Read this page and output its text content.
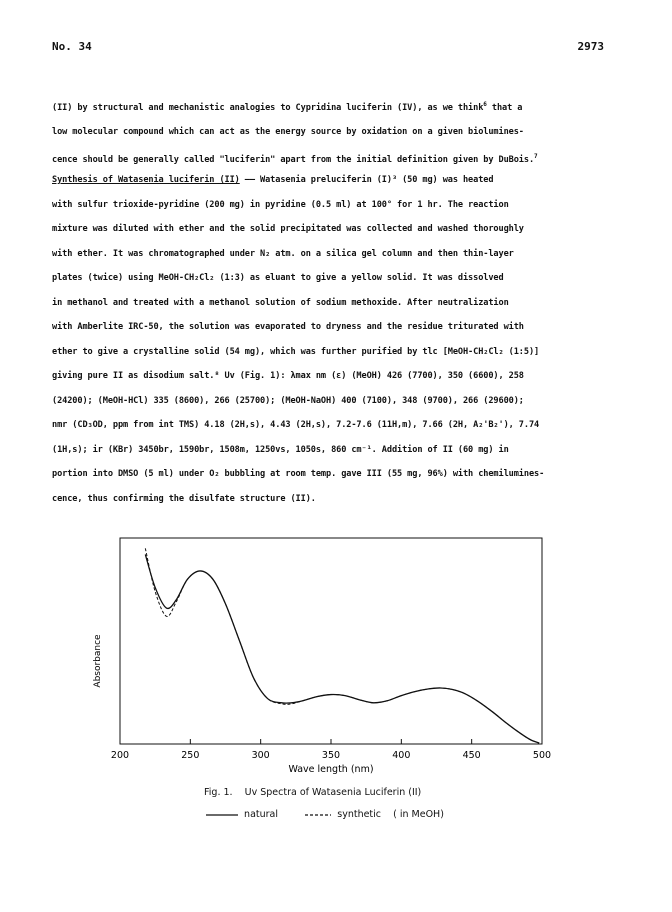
No. 34	2973

(II) by structural and mechanistic analogies to Cypridina luciferin (IV), as we think$^6$ that a

low molecular compound which can act as the energy source by oxidation on a given biolumines-

cence should be generally called "luciferin" apart from the initial definition given by DuBois.$^7$

Synthesis of Watasenia luciferin (II) —— Watasenia preluciferin (I)³ (50 mg) was heated

with sulfur trioxide-pyridine (200 mg) in pyridine (0.5 ml) at 100° for 1 hr. The reaction

mixture was diluted with ether and the solid precipitated was collected and washed thoroughly

with ether. It was chromatographed under N₂ atm. on a silica gel column and then thin-layer

plates (twice) using MeOH-CH₂Cl₂ (1:3) as eluant to give a yellow solid. It was dissolved

in methanol and treated with a methanol solution of sodium methoxide. After neutralization

with Amberlite IRC-50, the solution was evaporated to dryness and the residue triturated with

ether to give a crystalline solid (54 mg), which was further purified by tlc [MeOH-CH₂Cl₂ (1:5)]

giving pure II as disodium salt.⁸ Uv (Fig. 1): λmax nm (ε) (MeOH) 426 (7700), 350 (6600), 258

(24200); (MeOH-HCl) 335 (8600), 266 (25700); (MeOH-NaOH) 400 (7100), 348 (9700), 266 (29600);

nmr (CD₃OD, ppm from int TMS) 4.18 (2H,s), 4.43 (2H,s), 7.2-7.6 (11H,m), 7.66 (2H, A₂'B₂'), 7.74

(1H,s); ir (KBr) 3450br, 1590br, 1508m, 1250vs, 1050s, 860 cm⁻¹. Addition of II (60 mg) in

portion into DMSO (5 ml) under O₂ bubbling at room temp. gave III (55 mg, 96%) with chemilumines-

cence, thus confirming the disulfate structure (II).

200	250	300	350	400	450	500
Wave length (nm)
Absorbance
Fig. 1. Uv Spectra of Watasenia Luciferin (II)
natural	synthetic ( in MeOH)
